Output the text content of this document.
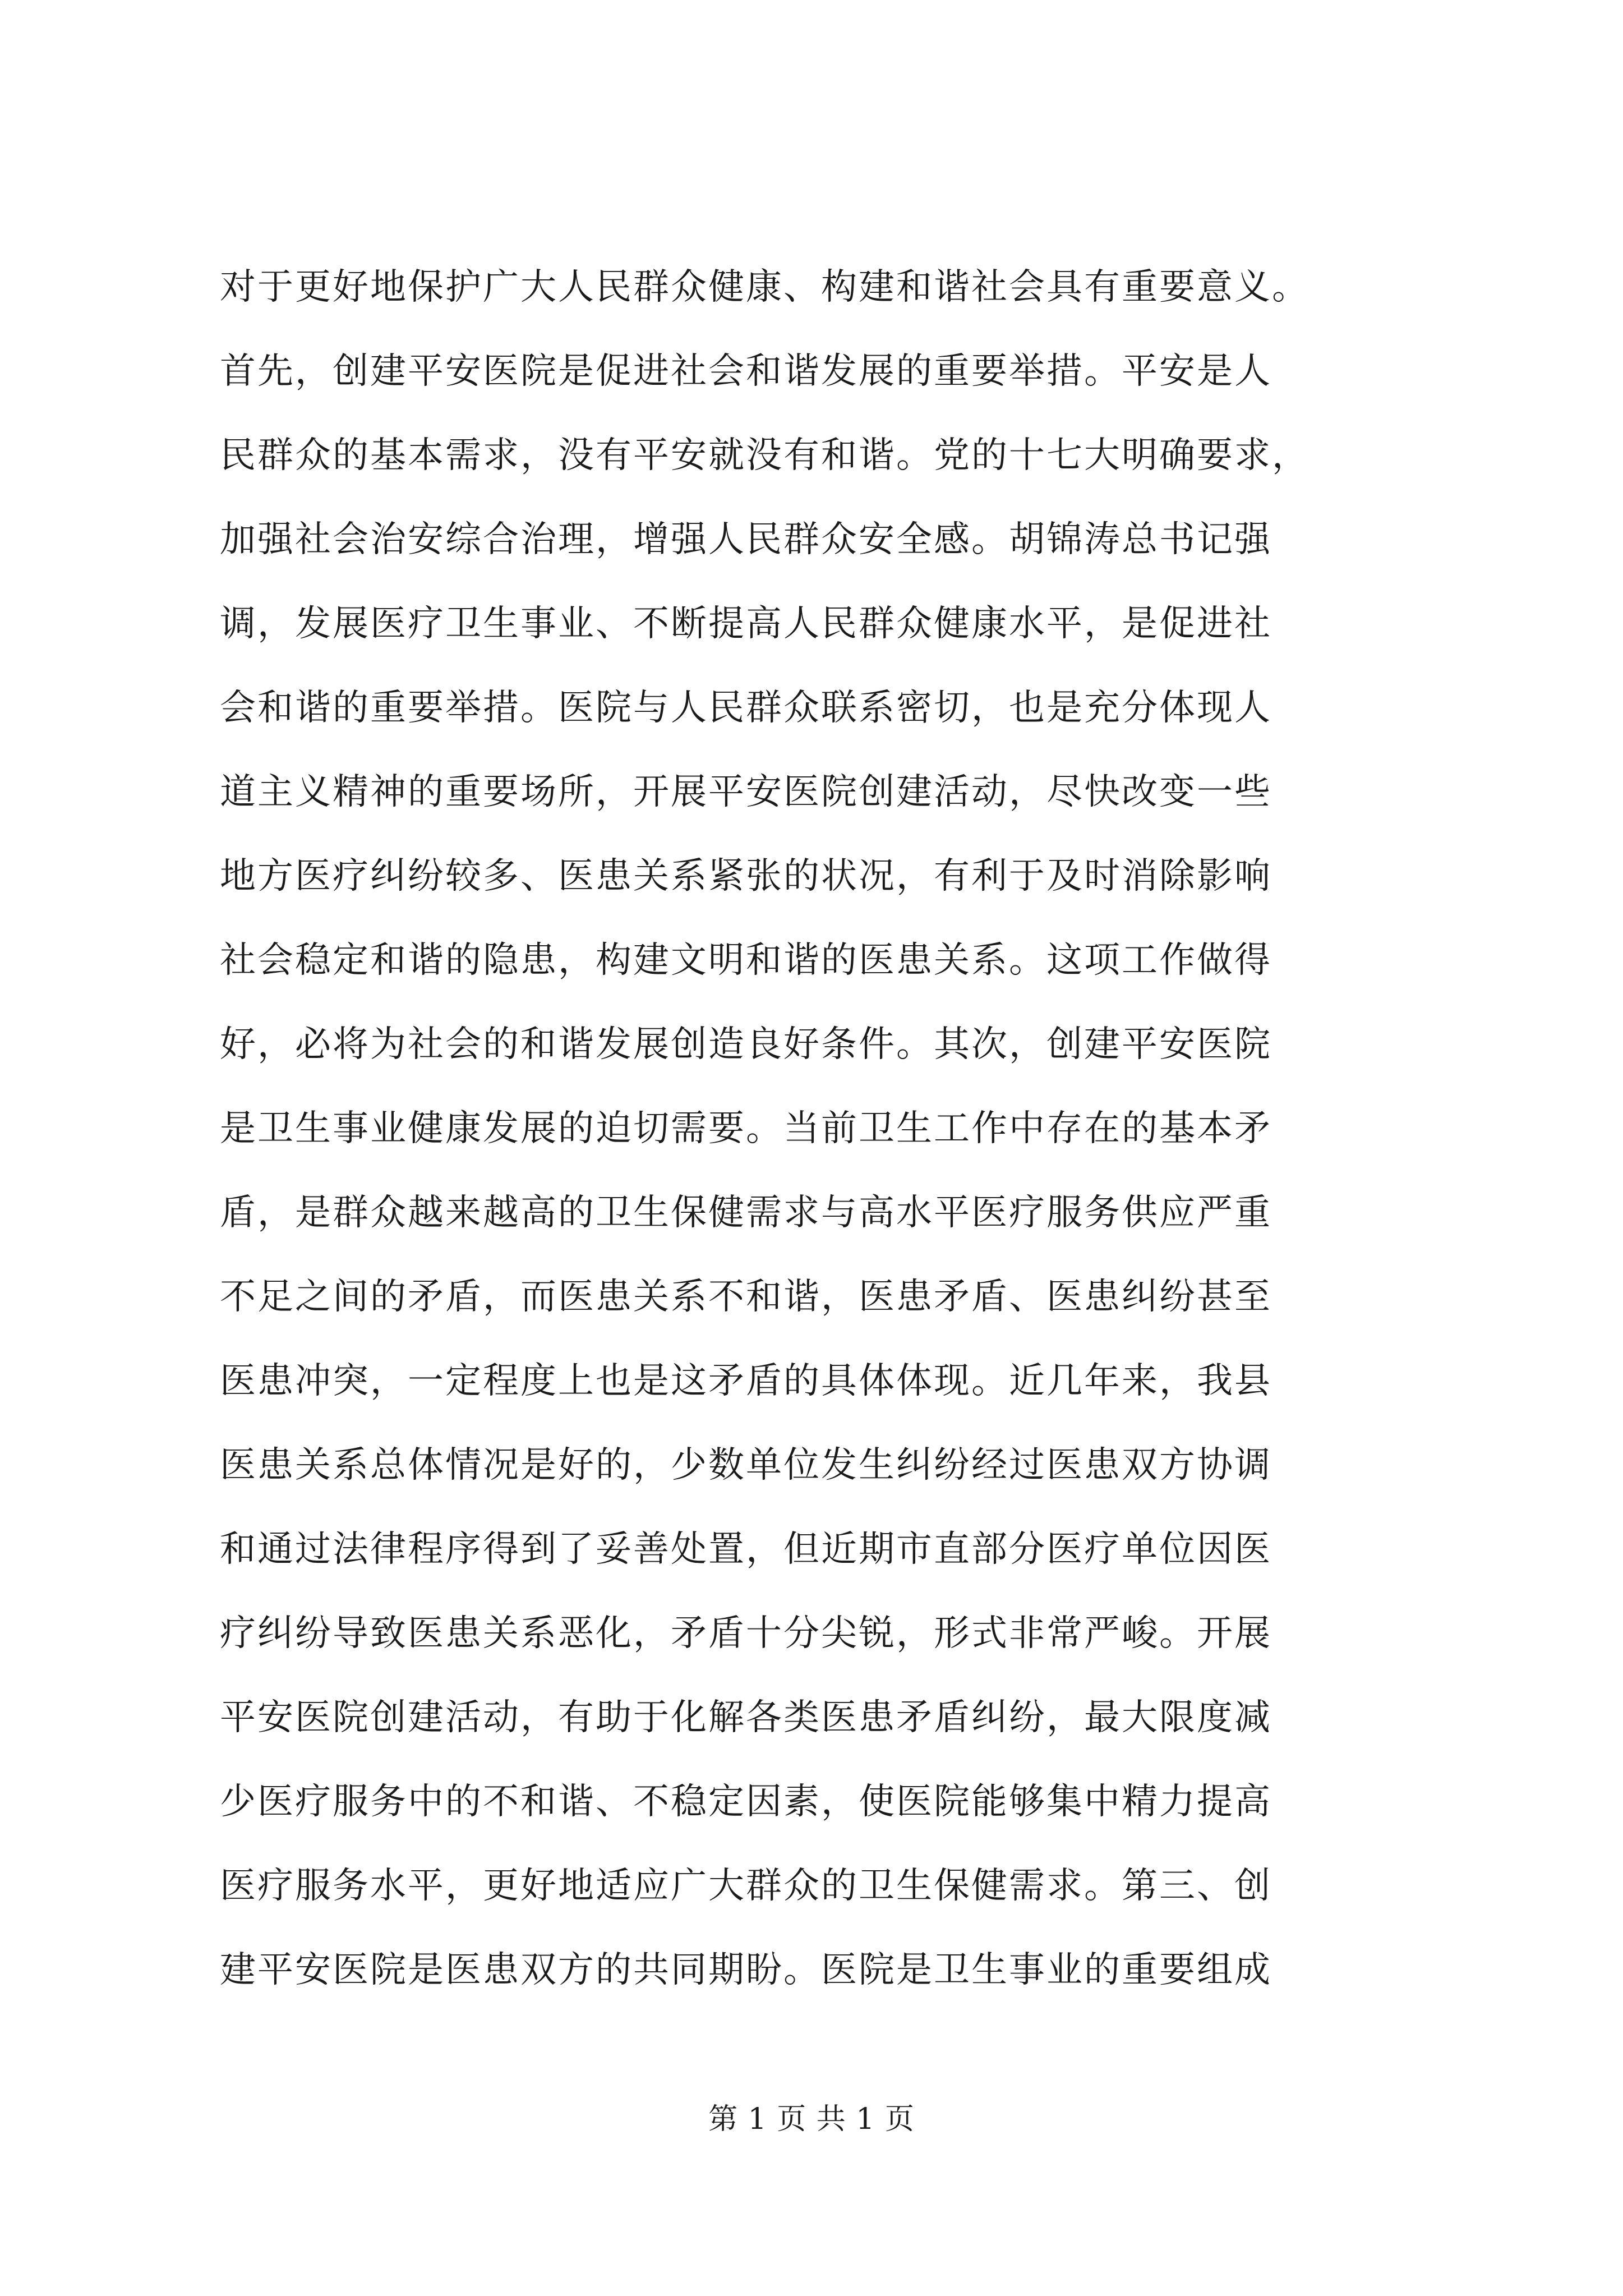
对于更好地保护广大人民群众健康、构建和谐社会具有重要意义。
首先，创建平安医院是促进社会和谐发展的重要举措。平安是人
民群众的基本需求，没有平安就没有和谐。党的十七大明确要求，
加强社会治安综合治理，增强人民群众安全感。胡锦涛总书记强
调，发展医疗卫生事业、不断提高人民群众健康水平，是促进社
会和谐的重要举措。医院与人民群众联系密切，也是充分体现人
道主义精神的重要场所，开展平安医院创建活动，尽快改变一些
地方医疗纠纷较多、医患关系紧张的状况，有利于及时消除影响
社会稳定和谐的隐患，构建文明和谐的医患关系。这项工作做得
好，必将为社会的和谐发展创造良好条件。其次，创建平安医院
是卫生事业健康发展的迫切需要。当前卫生工作中存在的基本矛
盾，是群众越来越高的卫生保健需求与高水平医疗服务供应严重
不足之间的矛盾，而医患关系不和谐，医患矛盾、医患纠纷甚至
医患冲突，一定程度上也是这矛盾的具体体现。近几年来，我县
医患关系总体情况是好的，少数单位发生纠纷经过医患双方协调
和通过法律程序得到了妥善处置，但近期市直部分医疗单位因医
疗纠纷导致医患关系恶化，矛盾十分尖锐，形式非常严峻。开展
平安医院创建活动，有助于化解各类医患矛盾纠纷，最大限度减
少医疗服务中的不和谐、不稳定因素，使医院能够集中精力提高
医疗服务水平，更好地适应广大群众的卫生保健需求。第三、创
建平安医院是医患双方的共同期盼。医院是卫生事业的重要组成
第 1 页 共 1 页
